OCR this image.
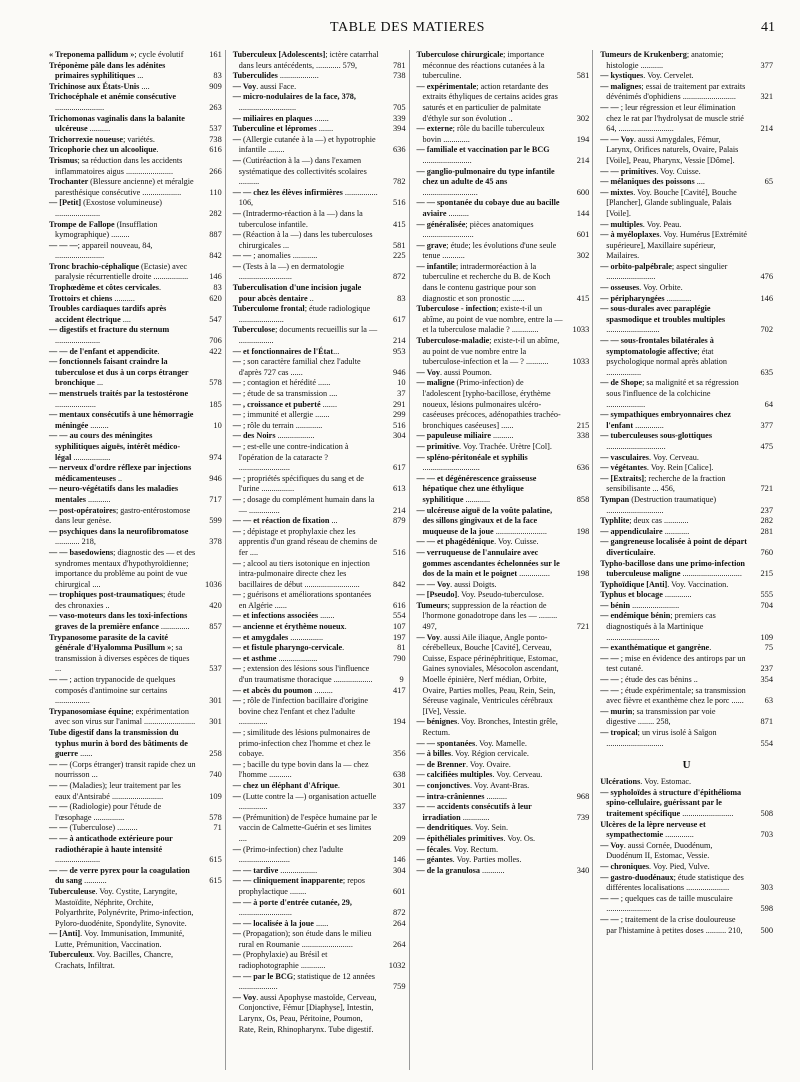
TABLE DES MATIERES	41

« Treponema pallidum »; cycle évolutif	161

Tréponème pâle dans les adénites primaires syphilitiques ...	83

Trichinose aux États-Unis ....	909

Trichocéphale et anémie consécutive ........................	263

Trichomonas vaginalis dans la balanite ulcéreuse ..........	537

Trichorrexie noueuse; variétés.	738

Tricophorie chez un alcoolique.	616

Trismus; sa réduction dans les accidents inflammatoires aigus .......................	266

Trochanter (Blessure ancienne) et méralgie paresthésique consécutive ...................	110

— [Petit] (Exostose volumineuse) ......................	282

Trompe de Fallope (Insufflation kymographique) .........	887

— — —; appareil nouveau, 84, ........................	842

Tronc brachio-céphalique (Ectasie) avec paralysie récurrentielle droite ................. 146

Trophœdème et côtes cervicales.	83

Trottoirs et chiens ..........	620

Troubles cardiaques tardifs après accident électrique ....	547

— digestifs et fracture du sternum ......................	706

— — de l'enfant et appendicite.	422

— fonctionnels faisant craindre la tuberculose et dus à un corps étranger bronchique ...	578

— menstruels traités par la testostérone ....................	185

— mentaux consécutifs à une hémorragie méningée .........	10

— — au cours des méningites syphilitiques aiguës, intérêt médico-légal ..................	974

— nerveux d'ordre réflexe par injections médicamenteuses ..	946

— neuro-végétatifs dans les maladies mentales ...........	717

— post-opératoires; gastro-entérostomose dans leur genèse.	599

— psychiques dans la neurofibromatose ............ 218,	378

— — basedowiens; diagnostic des — et des syndromes mentaux d'hypothyroïdienne; importance du problème au point de vue chirurgical ....	1036

— trophiques post-traumatiques; étude des chronaxies ..	420

— vaso-moteurs dans les toxi-infections graves de la première enfance .............. 857

Trypanosome parasite de la cavité générale d'Hyalomma Pusillum »; sa transmission à diverses espèces de tiques ...	537

— — ; action trypanocide de quelques composés d'antimoine sur certains .................	301

Trypanosomiase équine; expérimentation avec son virus sur l'animal ......................... 301

Tube digestif dans la transmission du typhus murin à bord des bâtiments de guerre ......	258

— — (Corps étranger) transit rapide chez un nourrisson ...	740

— — (Maladies); leur traitement par les eaux d'Antsirabé .........................	109

— — (Radiologie) pour l'étude de l'œsophage ...............	578

— — (Tuberculose) ..........	71

— — à anticathode extérieure pour radiothérapie à haute intensité ......................	615

— — de verre pyrex pour la coagulation du sang ...........	615

Tuberculeuse. Voy. Cystite, Laryngite, Mastoïdite, Néphrite, Orchite, Polyarthrite, Polynévrite, Primo-infection, Pyloro-duodénite, Spondylite, Synovite.

— [Anti]. Voy. Immunisation, Immunité, Lutte, Prémunition, Vaccination.

Tuberculeux. Voy. Bacilles, Chancre, Crachats, Infiltrat.

Tuberculeux [Adolescents]; ictère catarrhal dans leurs antécédents, ............ 579,	781

Tuberculides ...................	738

— Voy. aussi Face.

— micro-nodulaires de la face, 378, ............................	705

— miliaires en plaques .......	339

Tuberculine et lépromes .......	394

— (Allergie cutanée à la —) et hypotrophie infantile ........	636

— (Cutiréaction à la —) dans l'examen systématique des collectivités scolaires ..........	782

— — chez les élèves infirmières ................ 106,	516

— (Intradermo-réaction à la —) dans la tuberculose infantile.	415

— (Réaction à la —) dans les tuberculoses chirurgicales ...	581

— — ; anomalies ............	225

— (Tests à la —) en dermatologie ..........................	872

Tuberculisation d'une incision jugale pour abcès dentaire ..	83

Tuberculome frontal; étude radiologique ......................	617

Tuberculose; documents recueillis sur la — .................	214

— et fonctionnaires de l'État...	953

— ; son caractère familial chez l'adulte d'après 727 cas ......	946

— ; contagion et hérédité ......	10

— ; étude de sa transmission ....	37

— , croissance et puberté .......	291

— ; immunité et allergie .......	299

— ; rôle du terrain .............	516

— des Noirs ..................	304

— ; est-elle une contre-indication à l'opération de la cataracte ? .........................	617

— ; propriétés spécifiques du sang et de l'urine ................	613

— ; dosage du complément humain dans la — ...............	214

— — et réaction de fixation ...	879

— ; dépistage et prophylaxie chez les apprentis d'un grand réseau de chemins de fer ....	516

— ; alcool au tiers isotonique en injection intra-pulmonaire directe chez les bacillaires de début ...........................	842

— ; guérisons et améliorations spontanées en Algérie ......	616

— et infections associées .......	554

— ancienne et érythème noueux.	107

— et amygdales ................	197

— et fistule pharyngo-cervicale.	81

— et asthme ...................	790

— ; extension des lésions sous l'influence d'un traumatisme thoracique ...................	9

— et abcès du poumon .........	417

— ; rôle de l'infection bacillaire d'origine bovine chez l'enfant et chez l'adulte ..............	194

— ; similitude des lésions pulmonaires de primo-infection chez l'homme et chez le cobaye.	356

— ; bacille du type bovin dans la — chez l'homme ...........	638

— chez un éléphant d'Afrique.	301

— (Lutte contre la —) organisation actuelle ..............	337

— (Prémunition) de l'espèce humaine par le vaccin de Calmette-Guérin et ses limites ....	209

— (Primo-infection) chez l'adulte .........................	146

— — tardive ..................	304

— — cliniquement inapparente; repos prophylactique ........	601

— — à porte d'entrée cutanée, 29, ..........................	872

— — localisée à la joue ......	264

— (Propagation); son étude dans le milieu rural en Roumanie .........................	264

— (Prophylaxie) au Brésil et radiophotographie ............	1032

— — par le BCG; statistique de 12 années ...................	759

— Voy. aussi Apophyse mastoïde, Cerveau, Conjonctive, Fémur [Diaphyse], Intestin, Larynx, Os, Peau, Péritoine, Poumon, Rate, Rein, Rhinopharynx. Tube digestif.

Tuberculose chirurgicale; importance méconnue des réactions cutanées à la tuberculine.	581

— expérimentale; action retardante des extraits éthyliques de certains acides gras saturés et en particulier de palmitate d'éthyle sur son évolution ..	302

— externe; rôle du bacille tuberculeux bovin .............	194

— familiale et vaccination par le BCG ........................	214

— ganglio-pulmonaire du type infantile chez un adulte de 45 ans ...........................	600

— — spontanée du cobaye due au bacille aviaire ..........	144

— généralisée; pièces anatomiques .........................	601

— grave; étude; les évolutions d'une seule tenue ...........	302

— infantile; intradermoréaction à la tuberculine et recherche du B. de Koch dans le contenu gastrique pour son diagnostic et son pronostic ......	415

Tuberculose - infection; existe-t-il un abîme, au point de vue nombre, entre la — et la tuberculose maladie ? .............	1033

Tuberculose-maladie; existe-t-il un abîme, au point de vue nombre entre la tuberculose-infection et la — ? ...........	1033

— Voy. aussi Poumon.

— maligne (Primo-infection) de l'adolescent [typho-bacillose, érythème noueux, lésions pulmonaires ulcéro-caséeuses précoces, adénopathies trachéo-bronchiques caséeuses] ......	215

— papuleuse miliaire ..........	338

— primitive. Voy. Trachée. Urètre [Col].

— spléno-péritonéale et syphilis ............................	636

— — et dégénérescence graisseuse hépatique chez une éthylique syphilitique ............	858

— ulcéreuse aiguë de la voûte palatine, des sillons gingivaux et de la face muqueuse de la joue .........................	198

— — et phagédénique. Voy. Cuisse.

— verruqueuse de l'annulaire avec gommes ascendantes échelonnées sur le dos de la main et le poignet ...............	198

— — Voy. aussi Doigts.

— [Pseudo]. Voy. Pseudo-tuberculose.

Tumeurs; suppression de la réaction de l'hormone gonadotrope dans les — ......... 497,	721

— Voy. aussi Aile iliaque, Angle ponto-cérébelleux, Bouche [Cavité], Cerveau, Cuisse, Espace périnéphritique, Estomac, Gaines synoviales, Mésocolon ascendant, Moelle épinière, Nerf médian, Orbite, Ovaire, Parties molles, Peau, Rein, Sein, Séreuse vaginale, Ventricules cérébraux [IVe], Vessie.

— bénignes. Voy. Bronches, Intestin grêle, Rectum.

— — spontanées. Voy. Mamelle.

— à billes. Voy. Région cervicale.

— de Brenner. Voy. Ovaire.

— calcifiées multiples. Voy. Cerveau.

— conjonctives. Voy. Avant-Bras.

— intra-crâniennes ..........	968

— — accidents consécutifs à leur irradiation .............	739

— dendritiques. Voy. Sein.

— épithéliales primitives. Voy. Os.

— fécales. Voy. Rectum.

— géantes. Voy. Parties molles.

— de la granulosa ...........	340

Tumeurs de Krukenberg; anatomie; histologie ...........	377

— kystiques. Voy. Cervelet.

— malignes; essai de traitement par extraits dévénimés d'ophidiens ..........................	321

— — ; leur régression et leur élimination chez le rat par l'hydrolysat de muscle strié 64, ...........................	214

— — Voy. aussi Amygdales, Fémur, Larynx, Orifices naturels, Ovaire, Palais [Voile], Peau, Pharynx, Vessie [Dôme].

— — primitives. Voy. Cuisse.

— mélaniques des poissons ....	65

— mixtes. Voy. Bouche [Cavité], Bouche [Plancher], Glande sublinguale, Palais [Voile].

— multiples. Voy. Peau.

— à myéloplaxes. Voy. Humérus [Extrémité supérieure], Maxillaire supérieur, Mailaires.

— orbito-palpébrale; aspect singulier ........................	476

— osseuses. Voy. Orbite.

— péripharyngées ............	146

— sous-durales avec paraplégie spasmodique et troubles multiples ..........................	702

— — sous-frontales bilatérales à symptomatologie affective; état psychologique normal après ablation .................	635

— de Shope; sa malignité et sa régression sous l'influence de la colchicine ...................	64

— sympathiques embryonnaires chez l'enfant ..............	377

— tuberculeuses sous-glottiques .............................	475

— vasculaires. Voy. Cerveau.

— végétantes. Voy. Rein [Calice].

— [Extraits]; recherche de la fraction sensibilisante ... 456,	721

Tympan (Destruction traumatique) ............................	237

Typhlite; deux cas ............	282

— appendiculaire ............	281

— gangreneuse localisée à point de départ diverticulaire.	760

Typho-bacillose dans une primo-infection tuberculeuse maligne ............................. 215

Typhoïdique [Anti]. Voy. Vaccination.

Typhus et blocage .............	555

— bénin .......................	704

— endémique bénin; premiers cas diagnostiqués à la Martinique ..........................	109

— exanthématique et gangrène.	75

— — ; mise en évidence des antirops par un test cutané.	237

— — ; étude des cas bénins ..	354

— — ; étude expérimentale; sa transmission avec fièvre et exanthème chez le porc ...... 63

— murin; sa transmission par voie digestive ........ 258,	871

— tropical; un virus isolé à Saïgon ............................	554

U

Ulcérations. Voy. Estomac.

— sypholoïdes à structure d'épithélioma spino-cellulaire, guérissant par le traitement spécifique .........................	508

Ulcères de la lèpre nerveuse et sympathectomie ..............	703

— Voy. aussi Cornée, Duodénum, Duodénum II, Estomac, Vessie.

— chroniques. Voy. Pied, Vulve.

— gastro-duodénaux; étude statistique des différentes localisations .....................	303

— — ; quelques cas de taille musculaire ......................	598

— — ; traitement de la crise douloureuse par l'histamine à petites doses .......... 210, 500
